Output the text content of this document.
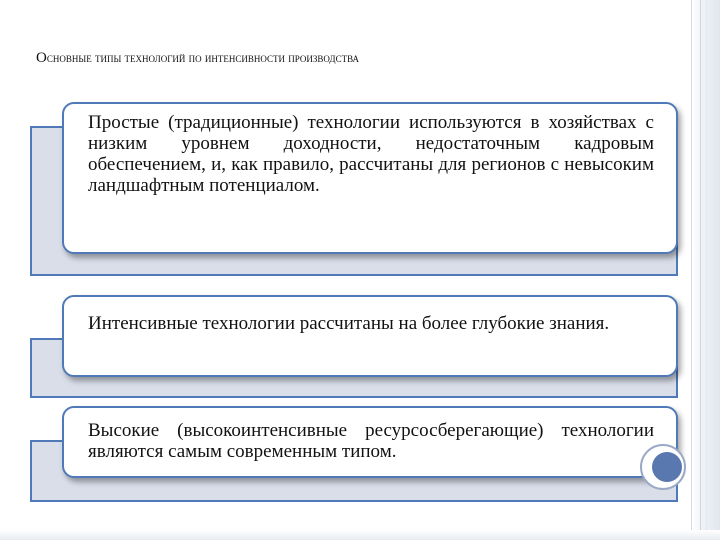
Основные типы технологий по интенсивности производства
Простые (традиционные) технологии используются в хозяйствах с низким уровнем доходности, недостаточным кадровым обеспечением, и, как правило, рассчитаны для регионов с невысоким ландшафтным потенциалом.
Интенсивные технологии рассчитаны на более глубокие знания.
Высокие (высокоинтенсивные ресурсосберегающие) технологии являются самым современным типом.
